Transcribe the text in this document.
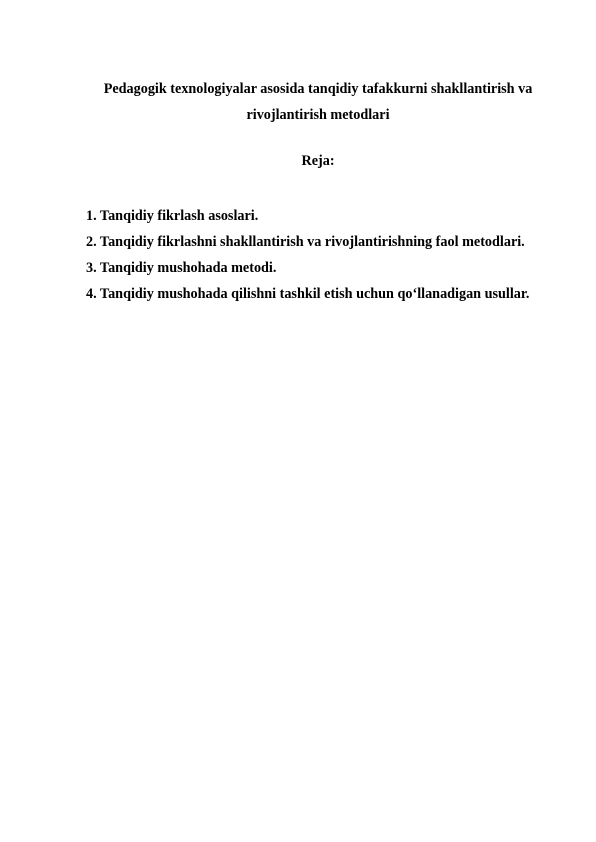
Pedagogik texnologiyalar asosida tanqidiy tafakkurni shakllantirish va rivojlantirish metodlari
Reja:
1. Tanqidiy fikrlash asoslari.
2. Tanqidiy fikrlashni shakllantirish va rivojlantirishning faol metodlari.
3. Tanqidiy mushohada metodi.
4. Tanqidiy mushohada qilishni tashkil etish uchun qo‘llanadigan usullar.
